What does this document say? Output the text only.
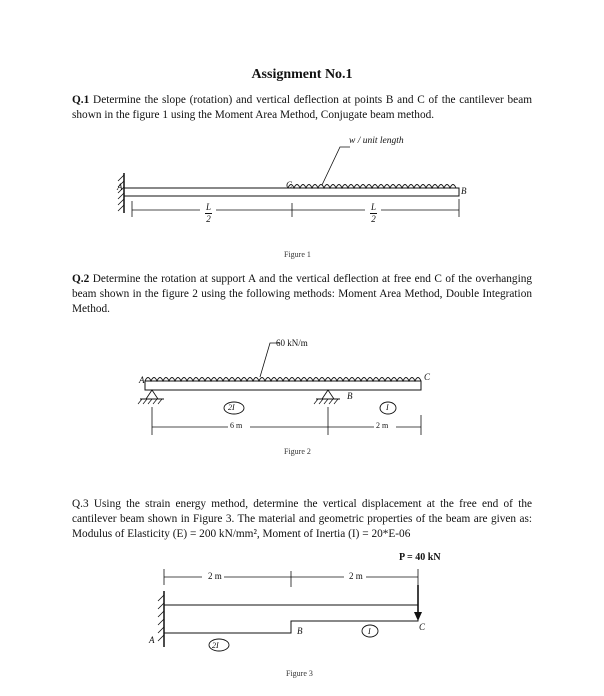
Assignment No.1
Q.1 Determine the slope (rotation) and vertical deflection at points B and C of the cantilever beam shown in the figure 1 using the Moment Area Method, Conjugate beam method.
A	C
B
w / unit length
L
2
L
2
Figure 1
Q.2 Determine the rotation at support A and the vertical deflection at free end C of the overhanging beam shown in the figure 2 using the following methods: Moment Area Method, Double Integration Method.
60 kN/m
A
B
C
2I	I
6 m	2 m
Figure 2
Q.3 Using the strain energy method, determine the vertical displacement at the free end of the cantilever beam shown in Figure 3. The material and geometric properties of the beam are given as: Modulus of Elasticity (E) = 200 kN/mm², Moment of Inertia (I) = 20*E-06
P = 40 kN
2 m	2 m
A
B	C
2I
I
Figure 3
